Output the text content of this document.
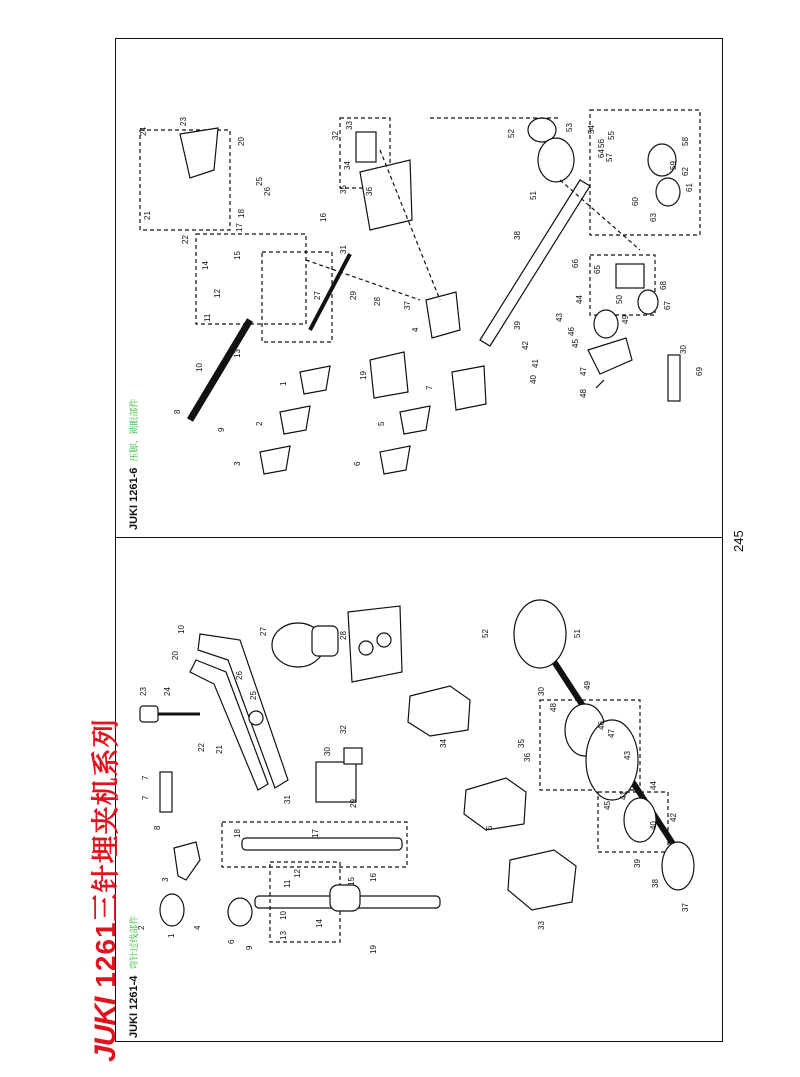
JUKI1261三针埋夹机系列
JUKI 1261-4弯针过线部件
JUKI 1261-6压脚、锁眼部件
245
2
1
4
3
7
7
8
6
9
10
11
12
13
14
15 16
17
18
19
10
20
21
22
23 24	25
26
27	28
29
30
31
32
33
35
36
34
37
38
39
40
42
41
45
44
43
47
46
48
49
30
51
52
5
24
23
20
25
26
21
22
17
18
14
15
12
11
13
10
8
9
16
27
28
29
31
32
33
34
35 36
37
4
1
2
3
19
5
6
7
38
51
52
53 54
55
56
57
58
59
60
61
62
63
64
65
66
67
68
39
40
41
42
43
44
45
46
47
48
49
50
30
69
